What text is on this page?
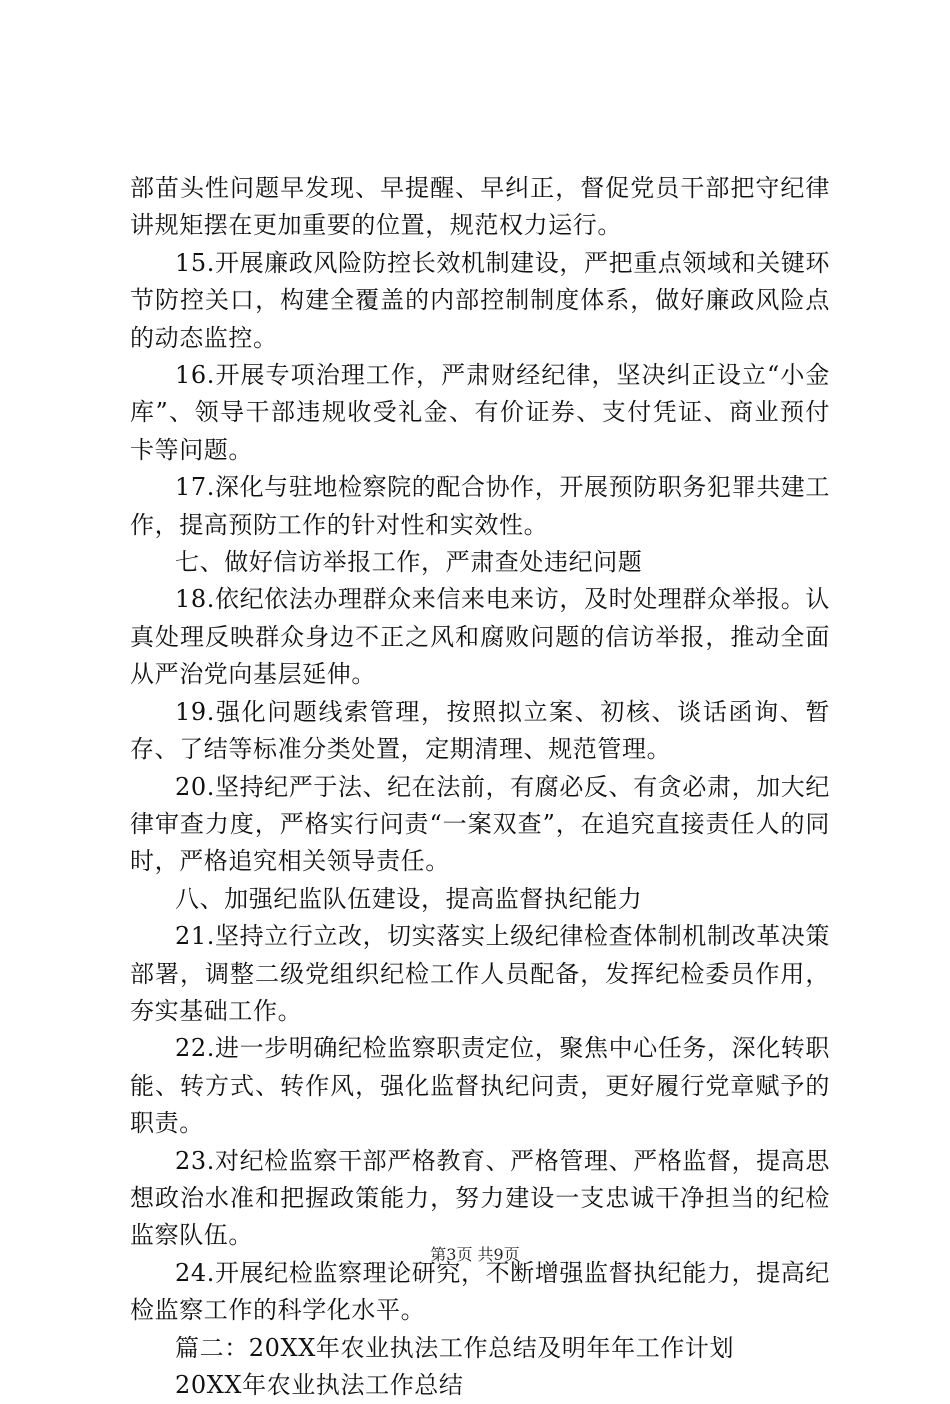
部苗头性问题早发现、早提醒、早纠正，督促党员干部把守纪律讲规矩摆在更加重要的位置，规范权力运行。

15.开展廉政风险防控长效机制建设，严把重点领域和关键环节防控关口，构建全覆盖的内部控制制度体系，做好廉政风险点的动态监控。

16.开展专项治理工作，严肃财经纪律，坚决纠正设立“小金库”、领导干部违规收受礼金、有价证券、支付凭证、商业预付卡等问题。

17.深化与驻地检察院的配合协作，开展预防职务犯罪共建工作，提高预防工作的针对性和实效性。

七、做好信访举报工作，严肃查处违纪问题

18.依纪依法办理群众来信来电来访，及时处理群众举报。认真处理反映群众身边不正之风和腐败问题的信访举报，推动全面从严治党向基层延伸。

19.强化问题线索管理，按照拟立案、初核、谈话函询、暂存、了结等标准分类处置，定期清理、规范管理。

20.坚持纪严于法、纪在法前，有腐必反、有贪必肃，加大纪律审查力度，严格实行问责“一案双查”，在追究直接责任人的同时，严格追究相关领导责任。

八、加强纪监队伍建设，提高监督执纪能力

21.坚持立行立改，切实落实上级纪律检查体制机制改革决策部署，调整二级党组织纪检工作人员配备，发挥纪检委员作用，夯实基础工作。

22.进一步明确纪检监察职责定位，聚焦中心任务，深化转职能、转方式、转作风，强化监督执纪问责，更好履行党章赋予的职责。

23.对纪检监察干部严格教育、严格管理、严格监督，提高思想政治水准和把握政策能力，努力建设一支忠诚干净担当的纪检监察队伍。

24.开展纪检监察理论研究，不断增强监督执纪能力，提高纪检监察工作的科学化水平。

篇二：20XX年农业执法工作总结及明年年工作计划

20XX年农业执法工作总结

第3页 共9页
